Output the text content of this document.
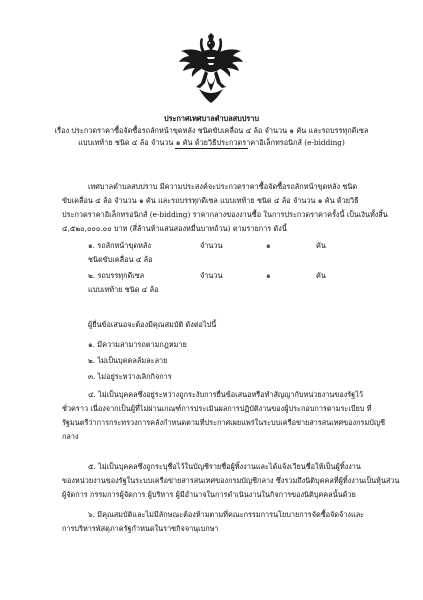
ประกาศเทศบาลตำบลสบปราบ
เรื่อง ประกวดราคาซื้อจัดซื้อรถลักหน้าขุดหลัง ชนิดขับเคลื่อน ๔ ล้อ จำนวน ๑ คัน และรถบรรทุกดีเซล
แบบเทท้าย ชนิด ๔ ล้อ จำนวน ๑ คัน ด้วยวิธีประกวดราคาอิเล็กทรอนิกส์ (e-bidding)
เทศบาลตำบลสบปราบ มีความประสงค์จะประกวดราคาซื้อจัดซื้อรถลักหน้าขุดหลัง ชนิด
ขับเคลื่อน ๔ ล้อ จำนวน ๑ คัน และรถบรรทุกดีเซล แบบเทท้าย ชนิด ๔ ล้อ จำนวน ๑ คัน ด้วยวิธี
ประกวดราคาอิเล็กทรอนิกส์ (e-bidding) ราคากลางของงานซื้อ ในการประกวดราคาครั้งนี้ เป็นเงินทั้งสิ้น
๔,๕๒๐,๐๐๐.๐๐ บาท (สี่ล้านห้าแสนสองหมื่นบาทถ้วน) ตามรายการ ดังนี้
๑. รถลักหน้าขุดหลัง	จำนวน	๑	คัน
ชนิดขับเคลื่อน ๔ ล้อ
๒. รถบรรทุกดีเซล	จำนวน	๑	คัน
แบบเทท้าย ชนิด ๔ ล้อ
ผู้ยื่นข้อเสนอจะต้องมีคุณสมบัติ ดังต่อไปนี้
๑. มีความสามารถตามกฎหมาย
๒. ไม่เป็นบุคคลล้มละลาย
๓. ไม่อยู่ระหว่างเลิกกิจการ
๔. ไม่เป็นบุคคลซึ่งอยู่ระหว่างถูกระงับการยื่นข้อเสนอหรือทำสัญญากับหน่วยงานของรัฐไว้
ชั่วคราว เนื่องจากเป็นผู้ที่ไม่ผ่านเกณฑ์การประเมินผลการปฏิบัติงานของผู้ประกอบการตามระเบียบ ที่
รัฐมนตรีว่าการกระทรวงการคลังกำหนดตามที่ประกาศเผยแพร่ในระบบเครือข่ายสารสนเทศของกรมบัญชี
กลาง
๕. ไม่เป็นบุคคลซึ่งถูกระบุชื่อไว้ในบัญชีรายชื่อผู้ทิ้งงานและได้แจ้งเวียนชื่อให้เป็นผู้ทิ้งงาน
ของหน่วยงานของรัฐในระบบเครือข่ายสารสนเทศของกรมบัญชีกลาง ซึ่งรวมถึงนิติบุคคลที่ผู้ทิ้งงานเป็นหุ้นส่วน
ผู้จัดการ กรรมการผู้จัดการ ผู้บริหาร ผู้มีอำนาจในการดำเนินงานในกิจการของนิติบุคคลนั้นด้วย
๖. มีคุณสมบัติและไม่มีลักษณะต้องห้ามตามที่คณะกรรมการนโยบายการจัดซื้อจัดจ้างและ
การบริหารพัสดุภาครัฐกำหนดในราชกิจจานุเบกษา
